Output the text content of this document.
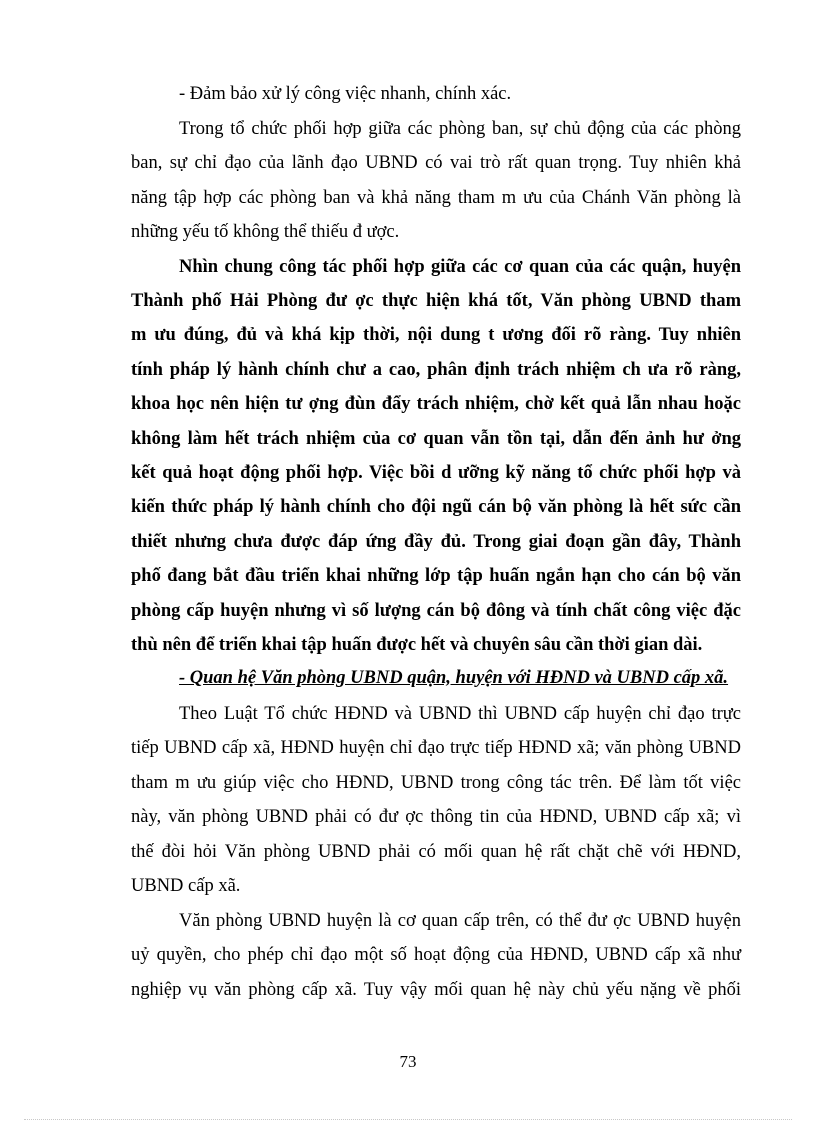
- Đảm bảo xử lý công việc nhanh, chính xác.
Trong tổ chức phối hợp giữa các phòng ban, sự chủ động của các phòng
ban, sự chỉ đạo của lãnh đạo UBND có vai trò rất quan trọng. Tuy nhiên khả
năng tập hợp các phòng ban và khả năng tham m ưu của Chánh Văn phòng là
những yếu tố không thể thiếu đ ược.
Nhìn chung công tác phối hợp giữa các cơ quan của các quận, huyện
Thành phố Hải Phòng đư ợc thực hiện khá tốt, Văn phòng UBND tham
m ưu đúng, đủ và khá kịp thời, nội dung t ương đối rõ ràng. Tuy nhiên
tính pháp lý hành chính chư a cao, phân định trách nhiệm ch ưa rõ ràng,
khoa học nên hiện tư ợng đùn đẩy trách nhiệm, chờ kết quả lẫn nhau hoặc
không làm hết trách nhiệm của cơ quan vẫn tồn tại, dẫn đến ảnh hư ởng
kết quả hoạt động phối hợp. Việc bồi d ưỡng kỹ năng tổ chức phối hợp và
kiến thức pháp lý hành chính cho đội ngũ cán bộ văn phòng là hết sức cần
thiết nhưng chưa được đáp ứng đầy đủ. Trong giai đoạn gần đây, Thành
phố đang bắt đầu triển khai những lớp tập huấn ngắn hạn cho cán bộ văn
phòng cấp huyện nhưng vì số lượng cán bộ đông và tính chất công việc đặc
thù nên để triển khai tập huấn được hết và chuyên sâu cần thời gian dài.
- Quan hệ Văn phòng UBND quận, huyện với HĐND và UBND cấp xã.
Theo Luật Tổ chức HĐND và UBND thì UBND cấp huyện chỉ đạo trực
tiếp UBND cấp xã, HĐND huyện chỉ đạo trực tiếp HĐND xã; văn phòng UBND
tham m ưu giúp việc cho HĐND, UBND trong công tác trên. Để làm tốt việc
này, văn phòng UBND phải có đư ợc thông tin của HĐND, UBND cấp xã; vì
thế đòi hỏi Văn phòng UBND phải có mối quan hệ rất chặt chẽ với HĐND,
UBND cấp xã.
Văn phòng UBND huyện là cơ quan cấp trên, có thể đư ợc UBND huyện
uỷ quyền, cho phép chỉ đạo một số hoạt động của HĐND, UBND cấp xã như
nghiệp vụ văn phòng cấp xã. Tuy vậy mối quan hệ này chủ yếu nặng về phối
73
